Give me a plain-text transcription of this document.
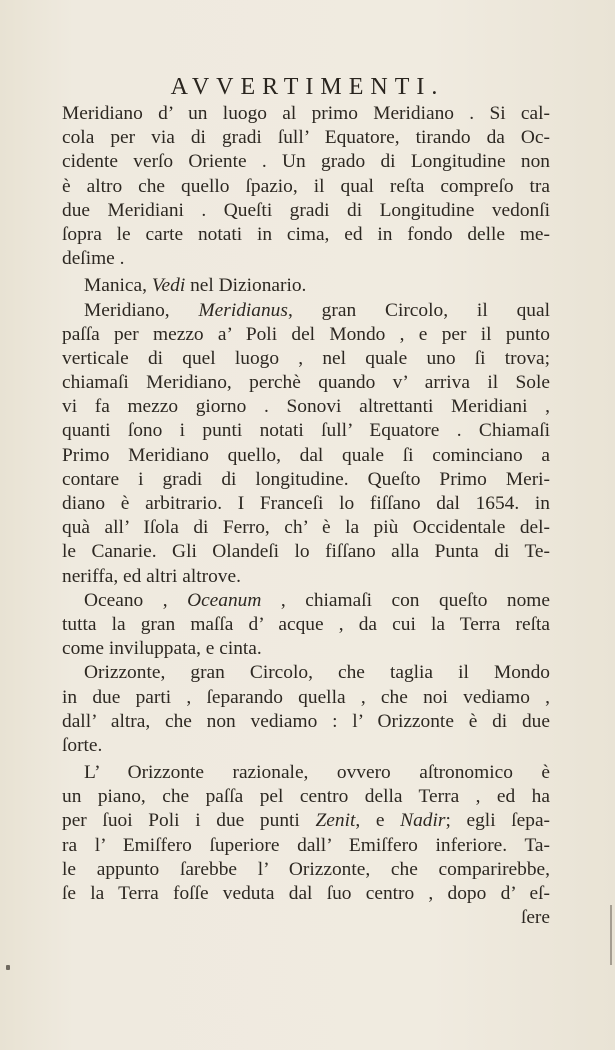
AVVERTIMENTI.
Meridiano d’ un luogo al primo Meridiano . Si cal-
cola per via di gradi ſull’ Equatore, tirando da Oc-
cidente verſo Oriente . Un grado di Longitudine non
è altro che quello ſpazio, il qual reſta compreſo tra
due Meridiani . Queſti gradi di Longitudine vedonſi
ſopra le carte notati in cima, ed in fondo delle me-
deſime .
Manica, Vedi nel Dizionario.
Meridiano, Meridianus, gran Circolo, il qual
paſſa per mezzo a’ Poli del Mondo , e per il punto
verticale di quel luogo , nel quale uno ſi trova;
chiamaſi Meridiano, perchè quando v’ arriva il Sole
vi fa mezzo giorno . Sonovi altrettanti Meridiani ,
quanti ſono i punti notati ſull’ Equatore . Chiamaſi
Primo Meridiano quello, dal quale ſi cominciano a
contare i gradi di longitudine. Queſto Primo Meri-
diano è arbitrario. I Franceſi lo fiſſano dal 1654. in
quà all’ Iſola di Ferro, ch’ è la più Occidentale del-
le Canarie. Gli Olandeſi lo fiſſano alla Punta di Te-
neriffa, ed altri altrove.
Oceano , Oceanum , chiamaſi con queſto nome
tutta la gran maſſa d’ acque , da cui la Terra reſta
come inviluppata, e cinta.
Orizzonte, gran Circolo, che taglia il Mondo
in due parti , ſeparando quella , che noi vediamo ,
dall’ altra, che non vediamo : l’ Orizzonte è di due
ſorte.
L’ Orizzonte razionale, ovvero aſtronomico è
un piano, che paſſa pel centro della Terra , ed ha
per ſuoi Poli i due punti Zenit, e Nadir; egli ſepa-
ra l’ Emiſfero ſuperiore dall’ Emiſfero inferiore. Ta-
le appunto ſarebbe l’ Orizzonte, che comparirebbe,
ſe la Terra foſſe veduta dal ſuo centro , dopo d’ eſ-
ſere
